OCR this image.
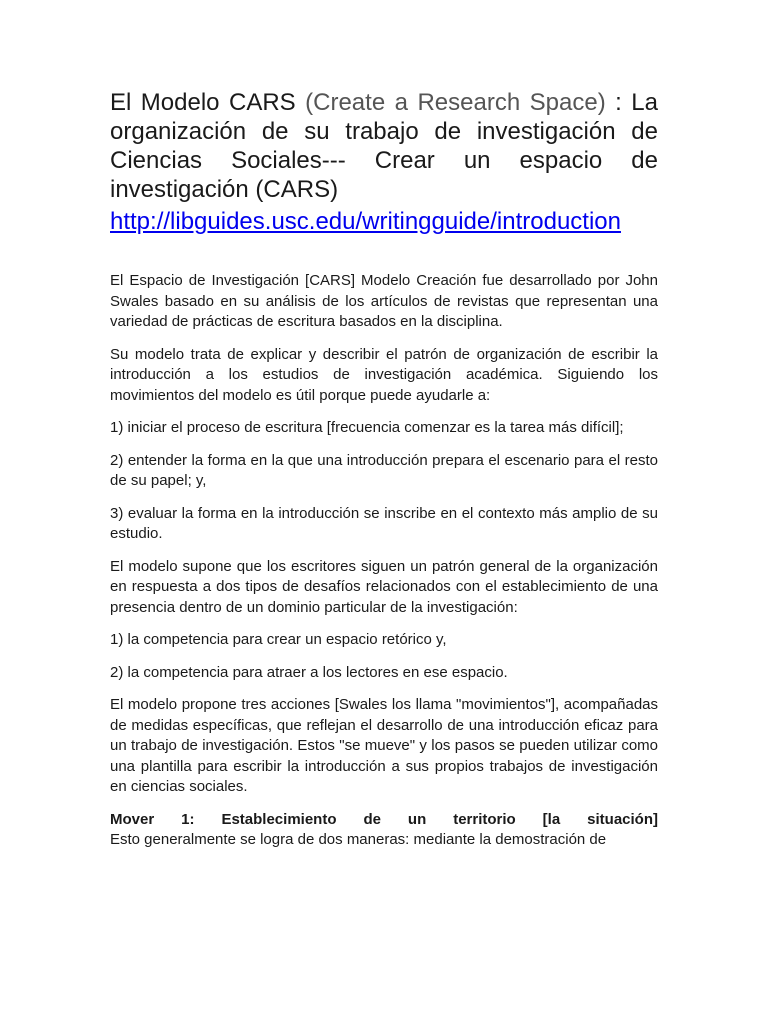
El Modelo CARS (Create a Research Space) : La organización de su trabajo de investigación de Ciencias Sociales--- Crear un espacio de investigación (CARS)
http://libguides.usc.edu/writingguide/introduction

El Espacio de Investigación [CARS] Modelo Creación fue desarrollado por John Swales basado en su análisis de los artículos de revistas que representan una variedad de prácticas de escritura basados en la disciplina.

Su modelo trata de explicar y describir el patrón de organización de escribir la introducción a los estudios de investigación académica. Siguiendo los movimientos del modelo es útil porque puede ayudarle a:

1) iniciar el proceso de escritura [frecuencia comenzar es la tarea más difícil];

2) entender la forma en la que una introducción prepara el escenario para el resto de su papel; y,

3) evaluar la forma en la introducción se inscribe en el contexto más amplio de su estudio.

El modelo supone que los escritores siguen un patrón general de la organización en respuesta a dos tipos de desafíos relacionados con el establecimiento de una presencia dentro de un dominio particular de la investigación:

1) la competencia para crear un espacio retórico y,

2) la competencia para atraer a los lectores en ese espacio.

El modelo propone tres acciones [Swales los llama "movimientos"], acompañadas de medidas específicas, que reflejan el desarrollo de una introducción eficaz para un trabajo de investigación. Estos "se mueve" y los pasos se pueden utilizar como una plantilla para escribir la introducción a sus propios trabajos de investigación en ciencias sociales.

Mover 1: Establecimiento de un territorio [la situación]

Esto generalmente se logra de dos maneras: mediante la demostración de
